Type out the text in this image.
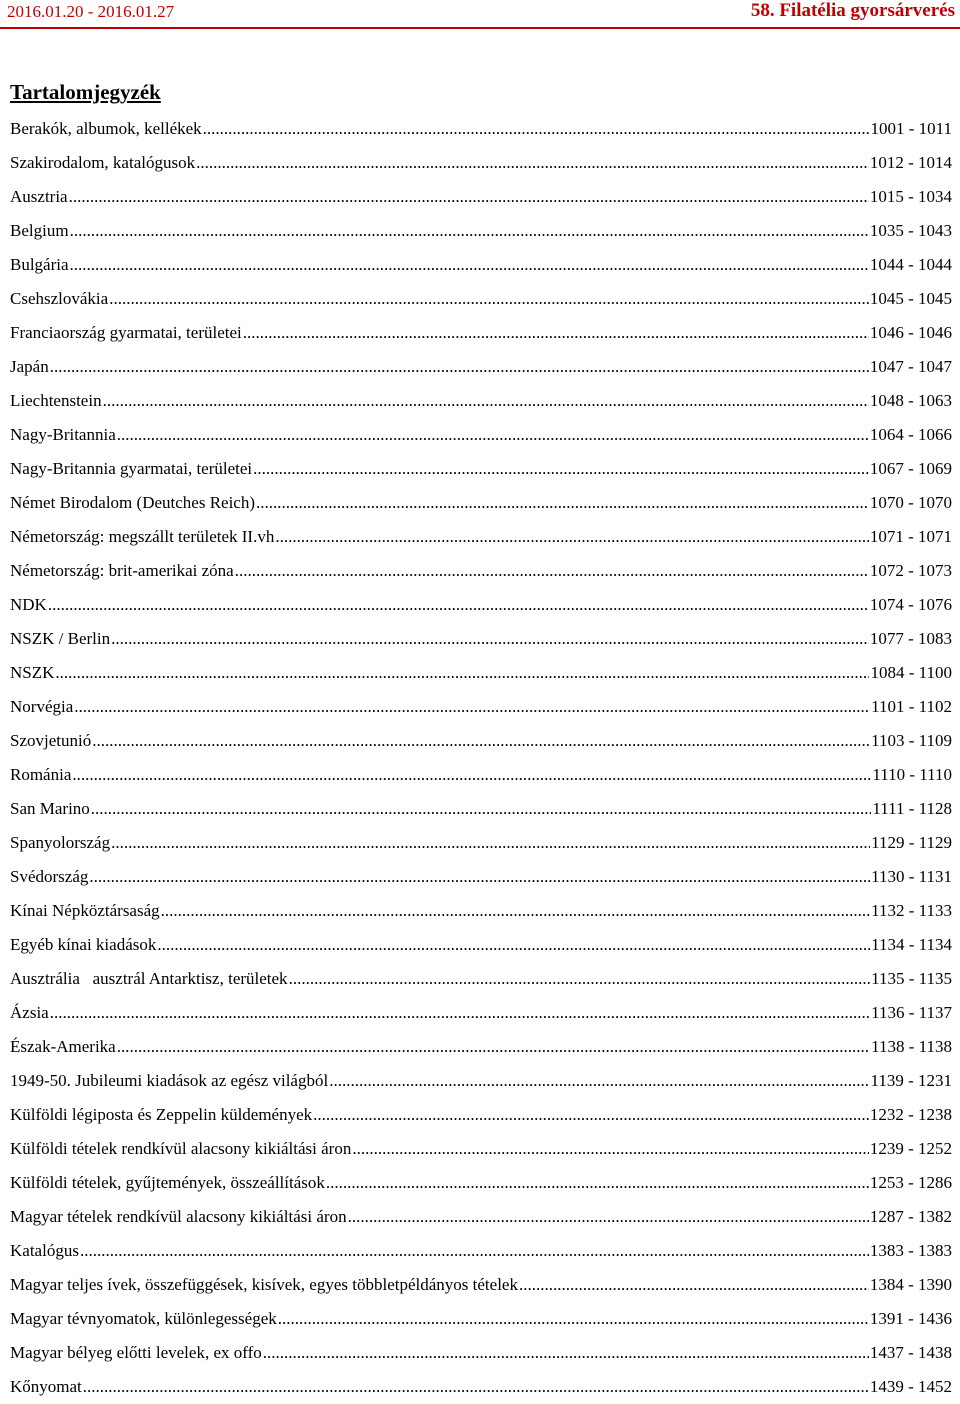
2016.01.20 - 2016.01.27	58. Filatélia gyorsárverés
Tartalomjegyzék
Berakók, albumok, kellékek .....	1001 - 1011
Szakirodalom, katalógusok .....	1012 - 1014
Ausztria .....	1015 - 1034
Belgium .....	1035 - 1043
Bulgária .....	1044 - 1044
Csehszlovákia .....	1045 - 1045
Franciaország gyarmatai, területei .....	1046 - 1046
Japán .....	1047 - 1047
Liechtenstein .....	1048 - 1063
Nagy-Britannia .....	1064 - 1066
Nagy-Britannia gyarmatai, területei .....	1067 - 1069
Német Birodalom (Deutches Reich) .....	1070 - 1070
Németország: megszállt területek II.vh .....	1071 - 1071
Németország: brit-amerikai zóna .....	1072 - 1073
NDK .....	1074 - 1076
NSZK / Berlin .....	1077 - 1083
NSZK .....	1084 - 1100
Norvégia .....	1101 - 1102
Szovjetunió .....	1103 - 1109
Románia .....	1110 - 1110
San Marino .....	1111 - 1128
Spanyolország .....	1129 - 1129
Svédország .....	1130 - 1131
Kínai Népköztársaság .....	1132 - 1133
Egyéb kínai kiadások .....	1134 - 1134
Ausztrália   ausztrál Antarktisz, területek .....	1135 - 1135
Ázsia .....	1136 - 1137
Észak-Amerika .....	1138 - 1138
1949-50. Jubileumi kiadások az egész világból .....	1139 - 1231
Külföldi légiposta és Zeppelin küldemények .....	1232 - 1238
Külföldi tételek rendkívül alacsony kikiáltási áron .....	1239 - 1252
Külföldi tételek, gyűjtemények, összeállítások .....	1253 - 1286
Magyar tételek rendkívül alacsony kikiáltási áron .....	1287 - 1382
Katalógus .....	1383 - 1383
Magyar teljes ívek, összefüggések, kisívek, egyes többletpéldányos tételek .....	1384 - 1390
Magyar tévnyomatok, különlegességek .....	1391 - 1436
Magyar bélyeg előtti levelek, ex offo .....	1437 - 1438
Kőnyomat .....	1439 - 1452
